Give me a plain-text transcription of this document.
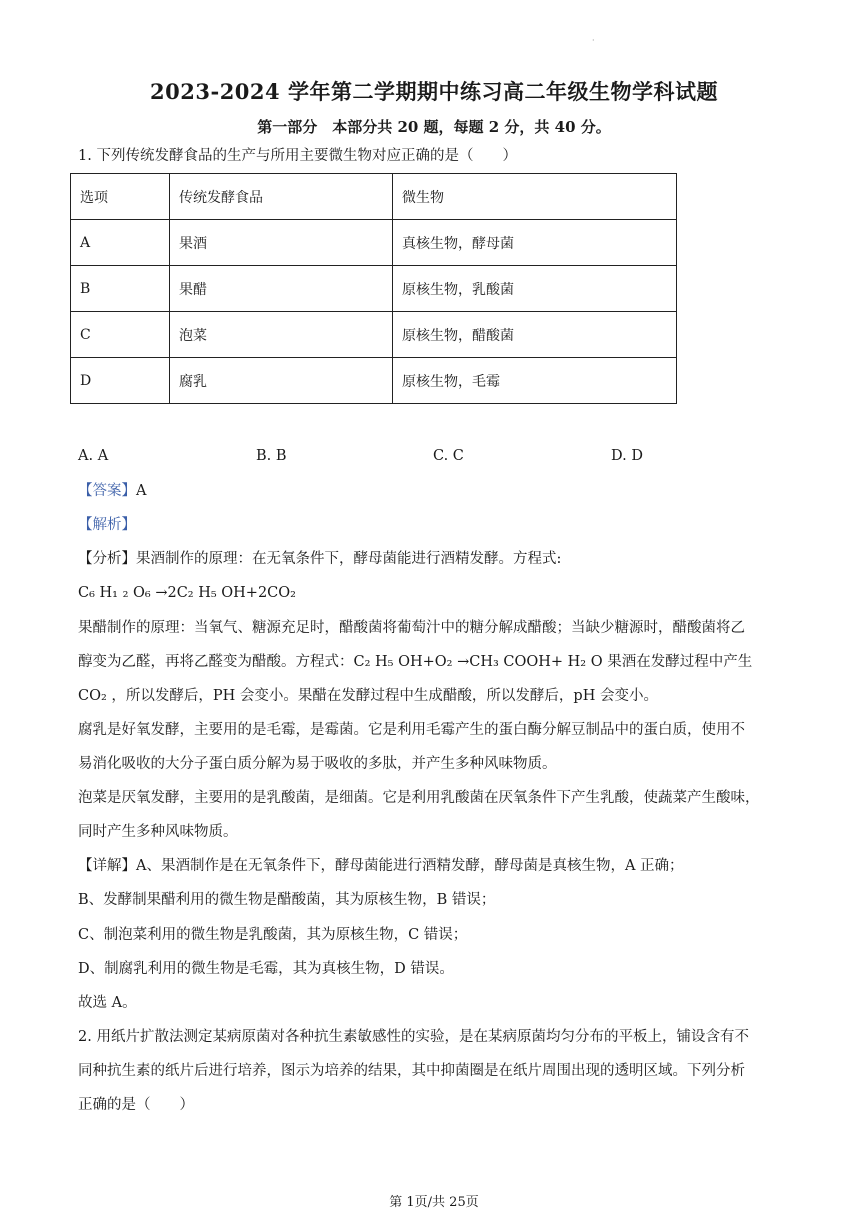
·
2023-2024 学年第二学期期中练习高二年级生物学科试题
第一部分　本部分共 20 题，每题 2 分，共 40 分。
1. 下列传统发酵食品的生产与所用主要微生物对应正确的是（　　）
选项	传统发酵食品	微生物
A	果酒	真核生物，酵母菌
B	果醋	原核生物，乳酸菌
C	泡菜	原核生物，醋酸菌
D	腐乳	原核生物，毛霉
A. A	B. B	C. C	D. D
【答案】A
【解析】
【分析】果酒制作的原理：在无氧条件下，酵母菌能进行酒精发酵。方程式:
C₆ H₁ ₂ O₆ →2C₂ H₅ OH+2CO₂
果醋制作的原理：当氧气、糖源充足时，醋酸菌将葡萄汁中的糖分解成醋酸；当缺少糖源时，醋酸菌将乙
醇变为乙醛，再将乙醛变为醋酸。方程式：C₂ H₅ OH+O₂ →CH₃ COOH+ H₂ O 果酒在发酵过程中产生
CO₂ ，所以发酵后，PH 会变小。果醋在发酵过程中生成醋酸，所以发酵后，pH 会变小。
腐乳是好氧发酵，主要用的是毛霉，是霉菌。它是利用毛霉产生的蛋白酶分解豆制品中的蛋白质，使用不
易消化吸收的大分子蛋白质分解为易于吸收的多肽，并产生多种风味物质。
泡菜是厌氧发酵，主要用的是乳酸菌，是细菌。它是利用乳酸菌在厌氧条件下产生乳酸，使蔬菜产生酸味，
同时产生多种风味物质。
【详解】A、果酒制作是在无氧条件下，酵母菌能进行酒精发酵，酵母菌是真核生物，A 正确；
B、发酵制果醋利用的微生物是醋酸菌，其为原核生物，B 错误；
C、制泡菜利用的微生物是乳酸菌，其为原核生物，C 错误；
D、制腐乳利用的微生物是毛霉，其为真核生物，D 错误。
故选 A。
2. 用纸片扩散法测定某病原菌对各种抗生素敏感性的实验，是在某病原菌均匀分布的平板上，铺设含有不
同种抗生素的纸片后进行培养，图示为培养的结果，其中抑菌圈是在纸片周围出现的透明区域。下列分析
正确的是（　　）
第 1页/共 25页
